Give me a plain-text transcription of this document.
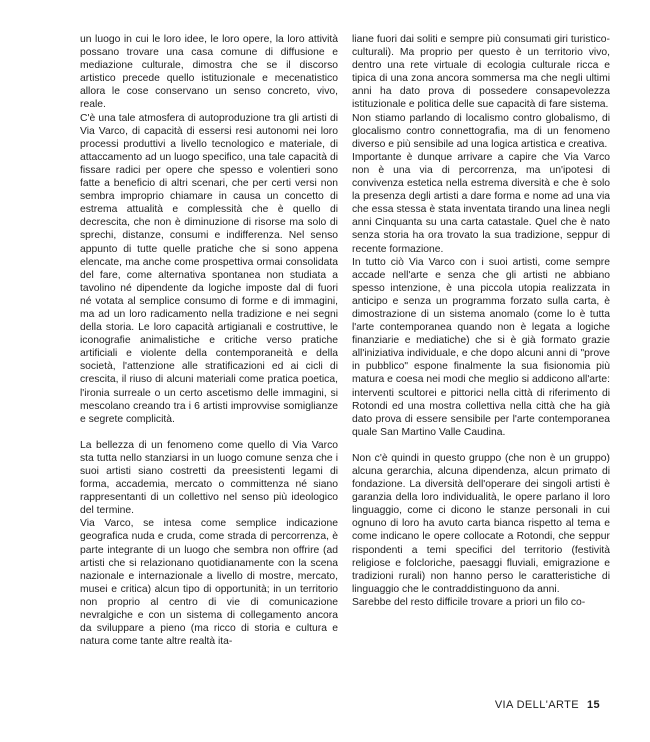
un luogo in cui le loro idee, le loro opere, la loro attività possano trovare una casa comune di diffusione e mediazione culturale, dimostra che se il discorso artistico precede quello istituzionale e mecenatistico allora le cose conservano un senso concreto, vivo, reale.

C'è una tale atmosfera di autoproduzione tra gli artisti di Via Varco, di capacità di essersi resi autonomi nei loro processi produttivi a livello tecnologico e materiale, di attaccamento ad un luogo specifico, una tale capacità di fissare radici per opere che spesso e volentieri sono fatte a beneficio di altri scenari, che per certi versi non sembra improprio chiamare in causa un concetto di estrema attualità e complessità che è quello di decrescita, che non è diminuzione di risorse ma solo di sprechi, distanze, consumi e indifferenza. Nel senso appunto di tutte quelle pratiche che si sono appena elencate, ma anche come prospettiva ormai consolidata del fare, come alternativa spontanea non studiata a tavolino né dipendente da logiche imposte dal di fuori né votata al semplice consumo di forme e di immagini, ma ad un loro radicamento nella tradizione e nei segni della storia. Le loro capacità artigianali e costruttive, le iconografie animalistiche e critiche verso pratiche artificiali e violente della contemporaneità e della società, l'attenzione alle stratificazioni ed ai cicli di crescita, il riuso di alcuni materiali come pratica poetica, l'ironia surreale o un certo ascetismo delle immagini, si mescolano creando tra i 6 artisti improvvise somiglianze e segrete complicità.

La bellezza di un fenomeno come quello di Via Varco sta tutta nello stanziarsi in un luogo comune senza che i suoi artisti siano costretti da preesistenti legami di forma, accademia, mercato o committenza né siano rappresentanti di un collettivo nel senso più ideologico del termine.

Via Varco, se intesa come semplice indicazione geografica nuda e cruda, come strada di percorrenza, è parte integrante di un luogo che sembra non offrire (ad artisti che si relazionano quotidianamente con la scena nazionale e internazionale a livello di mostre, mercato, musei e critica) alcun tipo di opportunità; in un territorio non proprio al centro di vie di comunicazione nevralgiche e con un sistema di collegamento ancora da sviluppare a pieno (ma ricco di storia e cultura e natura come tante altre realtà ita-

liane fuori dai soliti e sempre più consumati giri turistico-culturali). Ma proprio per questo è un territorio vivo, dentro una rete virtuale di ecologia culturale ricca e tipica di una zona ancora sommersa ma che negli ultimi anni ha dato prova di possedere consapevolezza istituzionale e politica delle sue capacità di fare sistema.

Non stiamo parlando di localismo contro globalismo, di glocalismo contro connettografia, ma di un fenomeno diverso e più sensibile ad una logica artistica e creativa.

Importante è dunque arrivare a capire che Via Varco non è una via di percorrenza, ma un'ipotesi di convivenza estetica nella estrema diversità e che è solo la presenza degli artisti a dare forma e nome ad una via che essa stessa è stata inventata tirando una linea negli anni Cinquanta su una carta catastale. Quel che è nato senza storia ha ora trovato la sua tradizione, seppur di recente formazione.

In tutto ciò Via Varco con i suoi artisti, come sempre accade nell'arte e senza che gli artisti ne abbiano spesso intenzione, è una piccola utopia realizzata in anticipo e senza un programma forzato sulla carta, è dimostrazione di un sistema anomalo (come lo è tutta l'arte contemporanea quando non è legata a logiche finanziarie e mediatiche) che si è già formato grazie all'iniziativa individuale, e che dopo alcuni anni di "prove in pubblico" espone finalmente la sua fisionomia più matura e coesa nei modi che meglio si addicono all'arte: interventi scultorei e pittorici nella città di riferimento di Rotondi ed una mostra collettiva nella città che ha già dato prova di essere sensibile per l'arte contemporanea quale San Martino Valle Caudina.

Non c'è quindi in questo gruppo (che non è un gruppo) alcuna gerarchia, alcuna dipendenza, alcun primato di fondazione. La diversità dell'operare dei singoli artisti è garanzia della loro individualità, le opere parlano il loro linguaggio, come ci dicono le stanze personali in cui ognuno di loro ha avuto carta bianca rispetto al tema e come indicano le opere collocate a Rotondi, che seppur rispondenti a temi specifici del territorio (festività religiose e folcloriche, paesaggi fluviali, emigrazione e tradizioni rurali) non hanno perso le caratteristiche di linguaggio che le contraddistinguono da anni.

Sarebbe del resto difficile trovare a priori un filo co-

VIA DELL'ARTE 15
